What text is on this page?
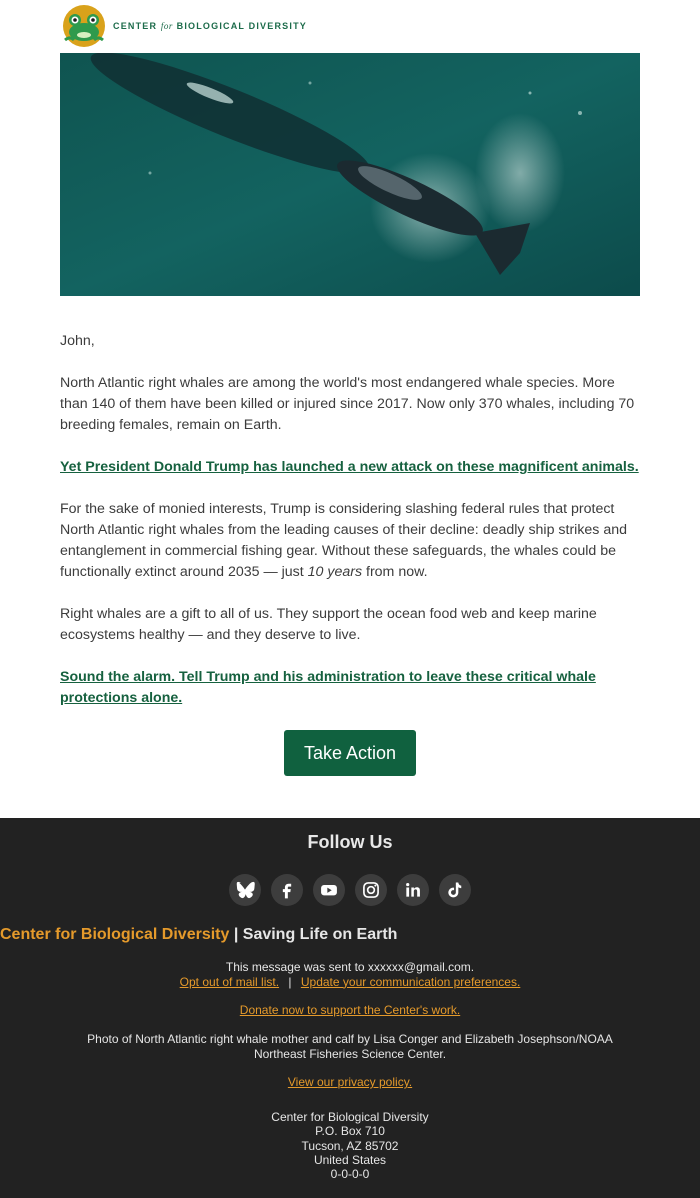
CENTER for BIOLOGICAL DIVERSITY

John,

North Atlantic right whales are among the world's most endangered whale species. More than 140 of them have been killed or injured since 2017. Now only 370 whales, including 70 breeding females, remain on Earth.

Yet President Donald Trump has launched a new attack on these magnificent animals.

For the sake of monied interests, Trump is considering slashing federal rules that protect North Atlantic right whales from the leading causes of their decline: deadly ship strikes and entanglement in commercial fishing gear. Without these safeguards, the whales could be functionally extinct around 2035 — just 10 years from now.

Right whales are a gift to all of us. They support the ocean food web and keep marine ecosystems healthy — and they deserve to live.

Sound the alarm. Tell Trump and his administration to leave these critical whale protections alone.

Take Action
Follow Us
Center for Biological Diversity | Saving Life on Earth
This message was sent to xxxxxx@gmail.com.
Opt out of mail list. | Update your communication preferences.
Donate now to support the Center's work.
Photo of North Atlantic right whale mother and calf by Lisa Conger and Elizabeth Josephson/NOAA
Northeast Fisheries Science Center.
View our privacy policy.
Center for Biological Diversity
P.O. Box 710
Tucson, AZ 85702
United States
0-0-0-0
